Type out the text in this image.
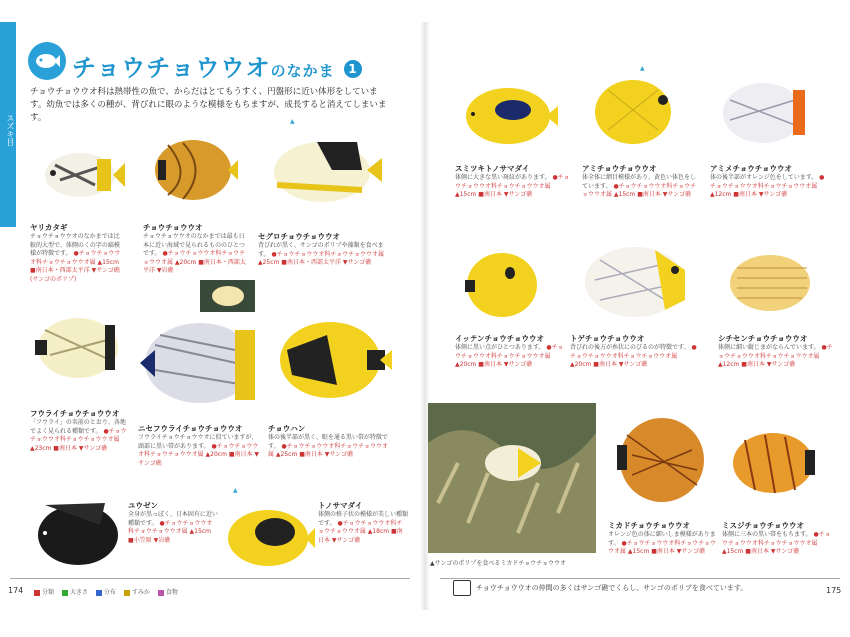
スズキ目
チョウチョウウオのなかま 1
チョウチョウウオ科は熱帯性の魚で、からだはとてもうすく、円盤形に近い体形をしています。幼魚では多くの種が、背びれに眼のような模様をもちますが、成長すると消えてしまいます。
ヤリカタギ
チョウチョウウオのなかまでは比較的大型で、体側のくの字の縞模様が特徴です。 ●チョウチョウウオ科チョウチョウウオ属 ▲15cm ■南日本・西部太平洋 ▼サンゴ礁 (サンゴのポリプ)
チョウチョウウオ
チョウチョウウオのなかまでは最も日本に近い海域で見られるもののひとつです。 ●チョウチョウウオ科チョウチョウウオ属 ▲20cm ■南日本・西部太平洋 ▼岩礁
▲
セグロチョウチョウウオ
背びれが黒く、サンゴのポリプや藻類を食べます。 ●チョウチョウウオ科チョウチョウウオ属 ▲25cm ■南日本・西部太平洋 ▼サンゴ礁
フウライチョウチョウウオ
「フウライ」の名前のとおり、各地でよく見られる種類です。 ●チョウチョウウオ科チョウチョウウオ属 ▲23cm ■南日本 ▼サンゴ礁
ニセフウライチョウチョウウオ
フウライチョウチョウウオに似ていますが、頭部に黒い帯があります。 ●チョウチョウウオ科チョウチョウウオ属 ▲20cm ■南日本 ▼サンゴ礁
チョウハン
体の後半部が黒く、眼を通る黒い帯が特徴です。 ●チョウチョウウオ科チョウチョウウオ属 ▲25cm ■南日本 ▼サンゴ礁
ユウゼン
全身が黒っぽく、日本固有に近い種類です。 ●チョウチョウウオ科チョウチョウウオ属 ▲15cm ■小笠原 ▼岩礁
▲
トノサマダイ
体側の格子状の模様が美しい種類です。 ●チョウチョウウオ科チョウチョウウオ属 ▲18cm ■南日本 ▼サンゴ礁
スミツキトノサマダイ
体側に大きな黒い斑紋があります。 ●チョウチョウウオ科チョウチョウウオ属 ▲15cm ■南日本 ▼サンゴ礁
▲
アミチョウチョウウオ
体全体に網目模様があり、黄色い体色をしています。 ●チョウチョウウオ科チョウチョウウオ属 ▲15cm ■南日本 ▼サンゴ礁
アミメチョウチョウウオ
体の後半部がオレンジ色をしています。 ●チョウチョウウオ科チョウチョウウオ属 ▲12cm ■南日本 ▼サンゴ礁
イッテンチョウチョウウオ
体側に黒い点がひとつあります。 ●チョウチョウウオ科チョウチョウウオ属 ▲20cm ■南日本 ▼サンゴ礁
トゲチョウチョウウオ
背びれの後方が糸状にのびるのが特徴です。 ●チョウチョウウオ科チョウチョウウオ属 ▲20cm ■南日本 ▼サンゴ礁
シチセンチョウチョウウオ
体側に細い縦じまがならんでいます。 ●チョウチョウウオ科チョウチョウウオ属 ▲12cm ■南日本 ▼サンゴ礁
▲サンゴのポリプを食べるミカドチョウチョウウオ
ミカドチョウチョウウオ
オレンジ色の体に細いしま模様があります。 ●チョウチョウウオ科チョウチョウウオ属 ▲15cm ■南日本 ▼サンゴ礁
ミスジチョウチョウウオ
体側に三本の黒い帯をもちます。 ●チョウチョウウオ科チョウチョウウオ属 ▲15cm ■南日本 ▼サンゴ礁
174	分類	大きさ	分布	すみか	食物
チョウチョウウオの仲間の多くはサンゴ礁でくらし、サンゴのポリプを食べています。	175
